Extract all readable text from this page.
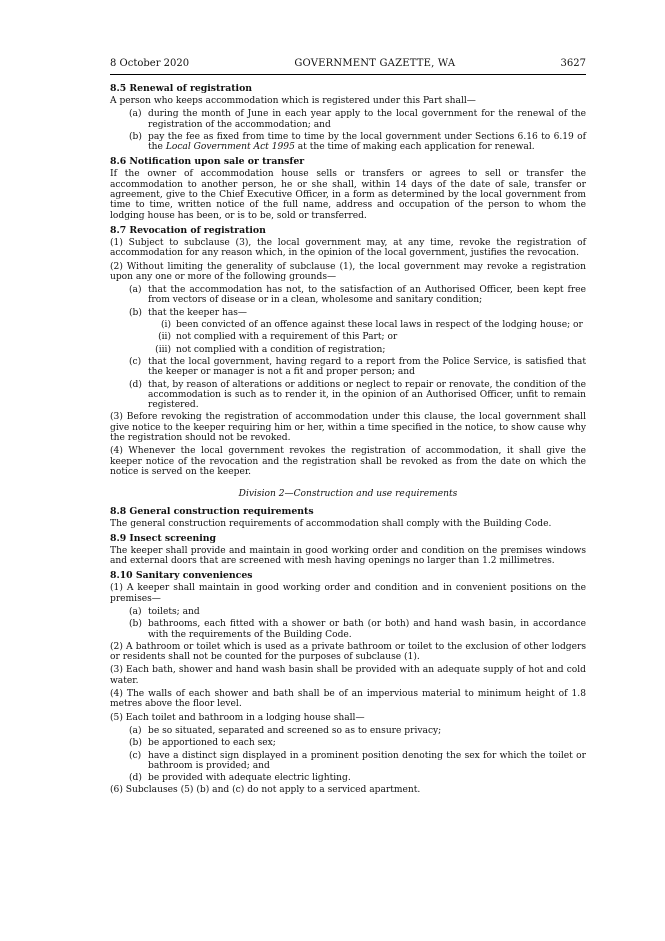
8 October 2020	GOVERNMENT GAZETTE, WA	3627
8.5 Renewal of registration

A person who keeps accommodation which is registered under this Part shall—

(a) during the month of June in each year apply to the local government for the renewal of the registration of the accommodation; and
(b) pay the fee as fixed from time to time by the local government under Sections 6.16 to 6.19 of the Local Government Act 1995 at the time of making each application for renewal.
8.6 Notification upon sale or transfer

If the owner of accommodation house sells or transfers or agrees to sell or transfer the accommodation to another person, he or she shall, within 14 days of the date of sale, transfer or agreement, give to the Chief Executive Officer, in a form as determined by the local government from time to time, written notice of the full name, address and occupation of the person to whom the lodging house has been, or is to be, sold or transferred.

8.7 Revocation of registration

(1) Subject to subclause (3), the local government may, at any time, revoke the registration of accommodation for any reason which, in the opinion of the local government, justifies the revocation.

(2) Without limiting the generality of subclause (1), the local government may revoke a registration upon any one or more of the following grounds—

(a) that the accommodation has not, to the satisfaction of an Authorised Officer, been kept free from vectors of disease or in a clean, wholesome and sanitary condition;
(b) that the keeper has—
(i) been convicted of an offence against these local laws in respect of the lodging house; or
(ii) not complied with a requirement of this Part; or
(iii) not complied with a condition of registration;
(c) that the local government, having regard to a report from the Police Service, is satisfied that the keeper or manager is not a fit and proper person; and
(d) that, by reason of alterations or additions or neglect to repair or renovate, the condition of the accommodation is such as to render it, in the opinion of an Authorised Officer, unfit to remain registered.

(3) Before revoking the registration of accommodation under this clause, the local government shall give notice to the keeper requiring him or her, within a time specified in the notice, to show cause why the registration should not be revoked.

(4) Whenever the local government revokes the registration of accommodation, it shall give the keeper notice of the revocation and the registration shall be revoked as from the date on which the notice is served on the keeper.

Division 2—Construction and use requirements
8.8 General construction requirements

The general construction requirements of accommodation shall comply with the Building Code.

8.9 Insect screening

The keeper shall provide and maintain in good working order and condition on the premises windows and external doors that are screened with mesh having openings no larger than 1.2 millimetres.

8.10 Sanitary conveniences

(1) A keeper shall maintain in good working order and condition and in convenient positions on the premises—

(a) toilets; and
(b) bathrooms, each fitted with a shower or bath (or both) and hand wash basin, in accordance with the requirements of the Building Code.

(2) A bathroom or toilet which is used as a private bathroom or toilet to the exclusion of other lodgers or residents shall not be counted for the purposes of subclause (1).

(3) Each bath, shower and hand wash basin shall be provided with an adequate supply of hot and cold water.

(4) The walls of each shower and bath shall be of an impervious material to minimum height of 1.8 metres above the floor level.

(5) Each toilet and bathroom in a lodging house shall—

(a) be so situated, separated and screened so as to ensure privacy;
(b) be apportioned to each sex;
(c) have a distinct sign displayed in a prominent position denoting the sex for which the toilet or bathroom is provided; and
(d) be provided with adequate electric lighting.

(6) Subclauses (5) (b) and (c) do not apply to a serviced apartment.
